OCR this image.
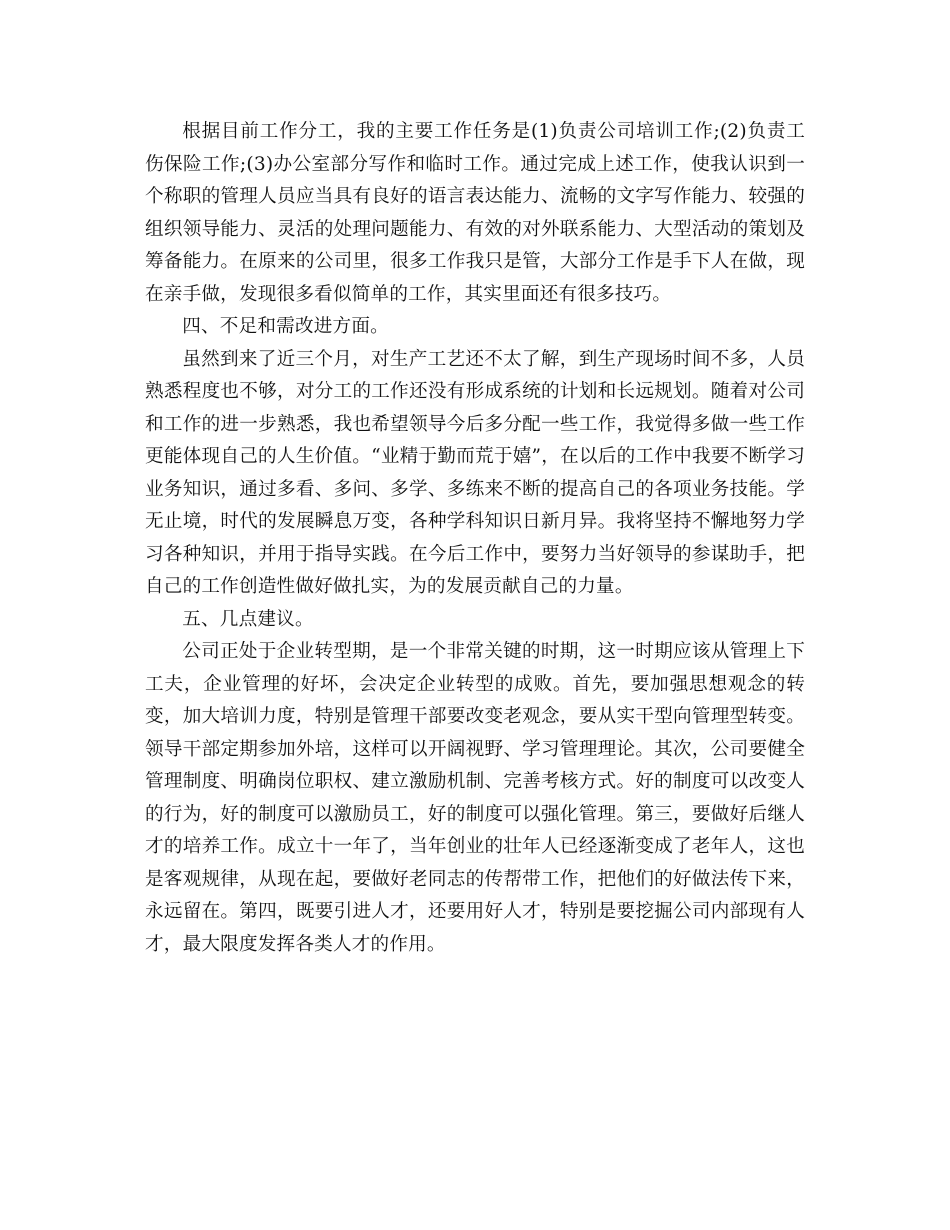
根据目前工作分工，我的主要工作任务是(1)负责公司培训工作;(2)负责工伤保险工作;(3)办公室部分写作和临时工作。通过完成上述工作，使我认识到一个称职的管理人员应当具有良好的语言表达能力、流畅的文字写作能力、较强的组织领导能力、灵活的处理问题能力、有效的对外联系能力、大型活动的策划及筹备能力。在原来的公司里，很多工作我只是管，大部分工作是手下人在做，现在亲手做，发现很多看似简单的工作，其实里面还有很多技巧。

四、不足和需改进方面。

虽然到来了近三个月，对生产工艺还不太了解，到生产现场时间不多，人员熟悉程度也不够，对分工的工作还没有形成系统的计划和长远规划。随着对公司和工作的进一步熟悉，我也希望领导今后多分配一些工作，我觉得多做一些工作更能体现自己的人生价值。“业精于勤而荒于嬉”，在以后的工作中我要不断学习业务知识，通过多看、多问、多学、多练来不断的提高自己的各项业务技能。学无止境，时代的发展瞬息万变，各种学科知识日新月异。我将坚持不懈地努力学习各种知识，并用于指导实践。在今后工作中，要努力当好领导的参谋助手，把自己的工作创造性做好做扎实，为的发展贡献自己的力量。

五、几点建议。

公司正处于企业转型期，是一个非常关键的时期，这一时期应该从管理上下工夫，企业管理的好坏，会决定企业转型的成败。首先，要加强思想观念的转变，加大培训力度，特别是管理干部要改变老观念，要从实干型向管理型转变。领导干部定期参加外培，这样可以开阔视野、学习管理理论。其次，公司要健全管理制度、明确岗位职权、建立激励机制、完善考核方式。好的制度可以改变人的行为，好的制度可以激励员工，好的制度可以强化管理。第三，要做好后继人才的培养工作。成立十一年了，当年创业的壮年人已经逐渐变成了老年人，这也是客观规律，从现在起，要做好老同志的传帮带工作，把他们的好做法传下来，永远留在。第四，既要引进人才，还要用好人才，特别是要挖掘公司内部现有人才，最大限度发挥各类人才的作用。
